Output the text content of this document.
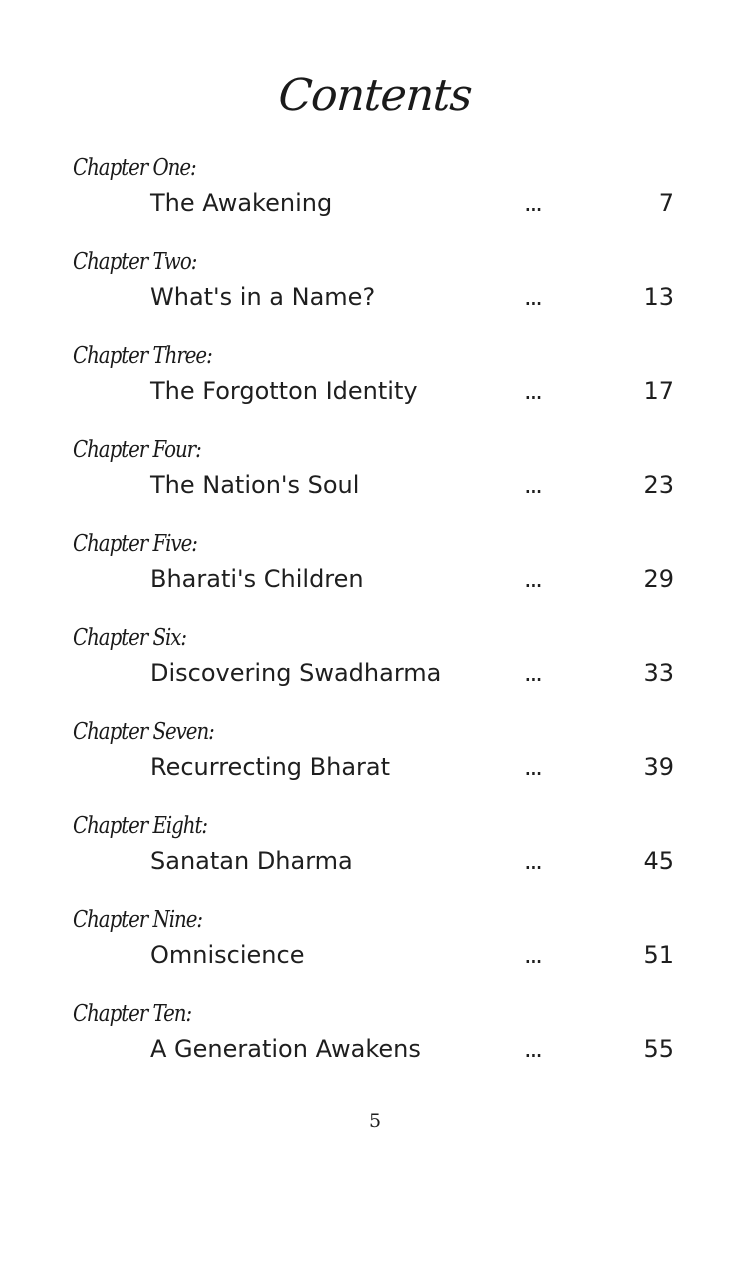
Contents
Chapter One:
The Awakening	...	7
Chapter Two:
What's in a Name?	...	13
Chapter Three:
The Forgotton Identity	...	17
Chapter Four:
The Nation's Soul	...	23
Chapter Five:
Bharati's Children	...	29
Chapter Six:
Discovering Swadharma	...	33
Chapter Seven:
Recurrecting Bharat	...	39
Chapter Eight:
Sanatan Dharma	...	45
Chapter Nine:
Omniscience	...	51
Chapter Ten:
A Generation Awakens	...	55
5
